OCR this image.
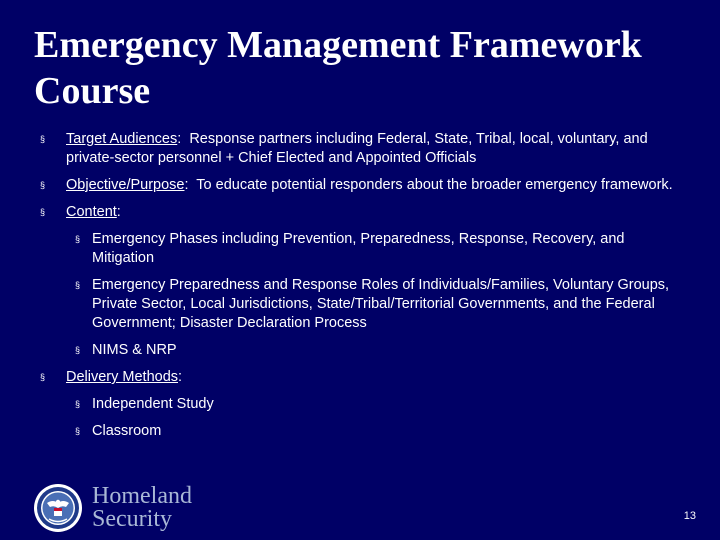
Emergency Management Framework Course
§ Target Audiences:  Response partners including Federal, State, Tribal, local, voluntary, and private-sector personnel + Chief Elected and Appointed Officials
§ Objective/Purpose:  To educate potential responders about the broader emergency framework.
§ Content:
§ Emergency Phases including Prevention, Preparedness, Response, Recovery, and Mitigation
§ Emergency Preparedness and Response Roles of Individuals/Families, Voluntary Groups, Private Sector, Local Jurisdictions, State/Tribal/Territorial Governments, and the Federal Government; Disaster Declaration Process
§ NIMS & NRP
§ Delivery Methods:
§ Independent Study
§ Classroom
Homeland
Security	13
